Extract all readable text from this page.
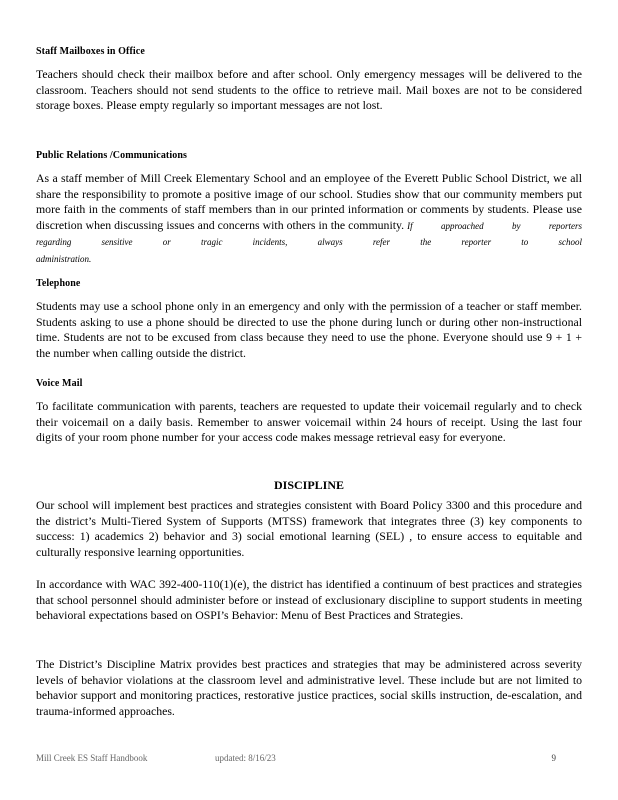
Staff Mailboxes in Office

Teachers should check their mailbox before and after school. Only emergency messages will be delivered to the classroom. Teachers should not send students to the office to retrieve mail. Mail boxes are not to be considered storage boxes. Please empty regularly so important messages are not lost.

Public Relations /Communications

As a staff member of Mill Creek Elementary School and an employee of the Everett Public School District, we all share the responsibility to promote a positive image of our school. Studies show that our community members put more faith in the comments of staff members than in our printed information or comments by students. Please use discretion when discussing issues and concerns with others in the community. If approached by reporters regarding sensitive or tragic incidents, always refer the reporter to school administration.

Telephone

Students may use a school phone only in an emergency and only with the permission of a teacher or staff member. Students asking to use a phone should be directed to use the phone during lunch or during other non-instructional time. Students are not to be excused from class because they need to use the phone. Everyone should use 9 + 1 + the number when calling outside the district.

Voice Mail

To facilitate communication with parents, teachers are requested to update their voicemail regularly and to check their voicemail on a daily basis. Remember to answer voicemail within 24 hours of receipt. Using the last four digits of your room phone number for your access code makes message retrieval easy for everyone.

DISCIPLINE

Our school will implement best practices and strategies consistent with Board Policy 3300 and this procedure and the district’s Multi-Tiered System of Supports (MTSS) framework that integrates three (3) key components to success: 1) academics 2) behavior and 3) social emotional learning (SEL) , to ensure access to equitable and culturally responsive learning opportunities.

In accordance with WAC 392-400-110(1)(e), the district has identified a continuum of best practices and strategies that school personnel should administer before or instead of exclusionary discipline to support students in meeting behavioral expectations based on OSPI’s Behavior: Menu of Best Practices and Strategies.

The District’s Discipline Matrix provides best practices and strategies that may be administered across severity levels of behavior violations at the classroom level and administrative level. These include but are not limited to behavior support and monitoring practices, restorative justice practices, social skills instruction, de-escalation, and trauma-informed approaches.

Mill Creek ES Staff Handbook	updated: 8/16/23	9
